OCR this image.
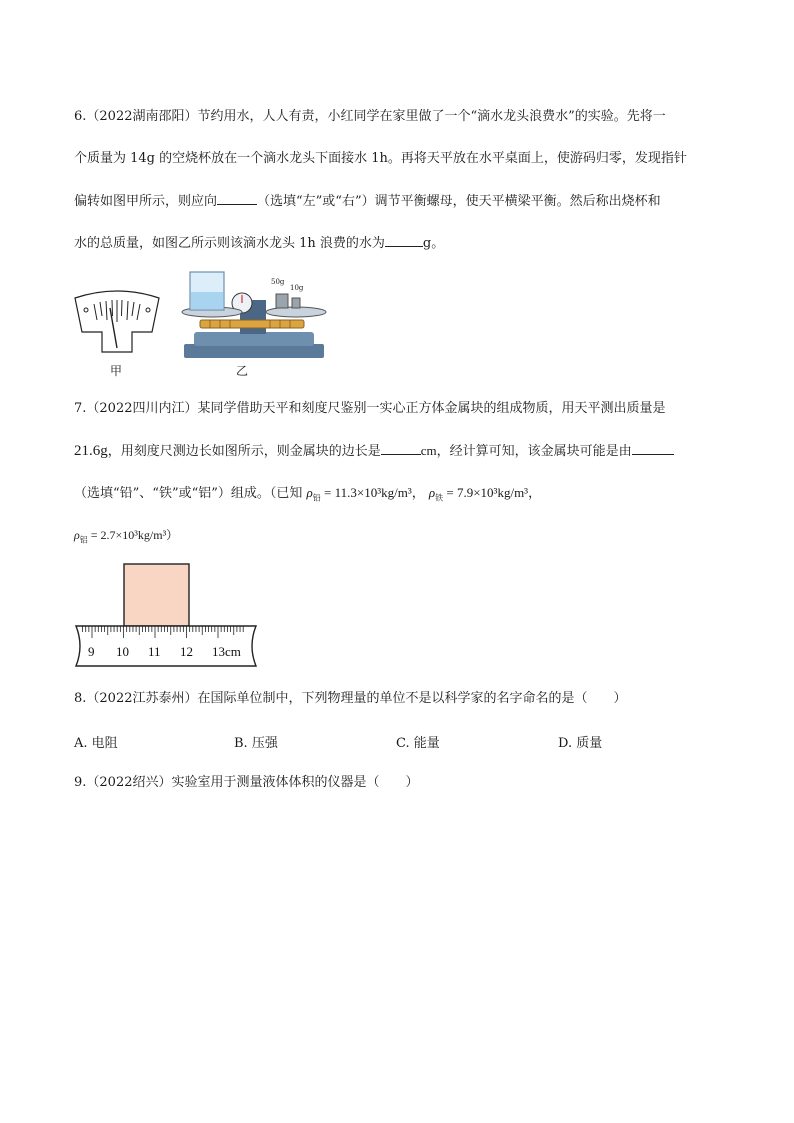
6.（2022湖南邵阳）节约用水，人人有责，小红同学在家里做了一个“滴水龙头浪费水”的实验。先将一
个质量为 14g 的空烧杯放在一个滴水龙头下面接水 1h。再将天平放在水平桌面上，使游码归零，发现指针
偏转如图甲所示，则应向	（选填“左”或“右”）调节平衡螺母，使天平横梁平衡。然后称出烧杯和
水的总质量，如图乙所示则该滴水龙头 1h 浪费的水为	g。
甲
50g
10g
乙
7.（2022四川内江）某同学借助天平和刻度尺鉴别一实心正方体金属块的组成物质，用天平测出质量是
21.6g，用刻度尺测边长如图所示，则金属块的边长是	cm，经计算可知，该金属块可能是由
（选填“铅”、“铁”或“铝”）组成。（已知 $\rho_铅 = 11.3\times 10^3kg/m^3$， $\rho_铁 = 7.9\times 10^3kg/m^3$，
$\rho_铝 = 2.7\times 10^3kg/m^3$）
9 10 11 12 13cm
8.（2022江苏泰州）在国际单位制中，下列物理量的单位不是以科学家的名字命名的是（　　）
A. 电阻	B. 压强	C. 能量	D. 质量
9.（2022绍兴）实验室用于测量液体体积的仪器是（　　）
